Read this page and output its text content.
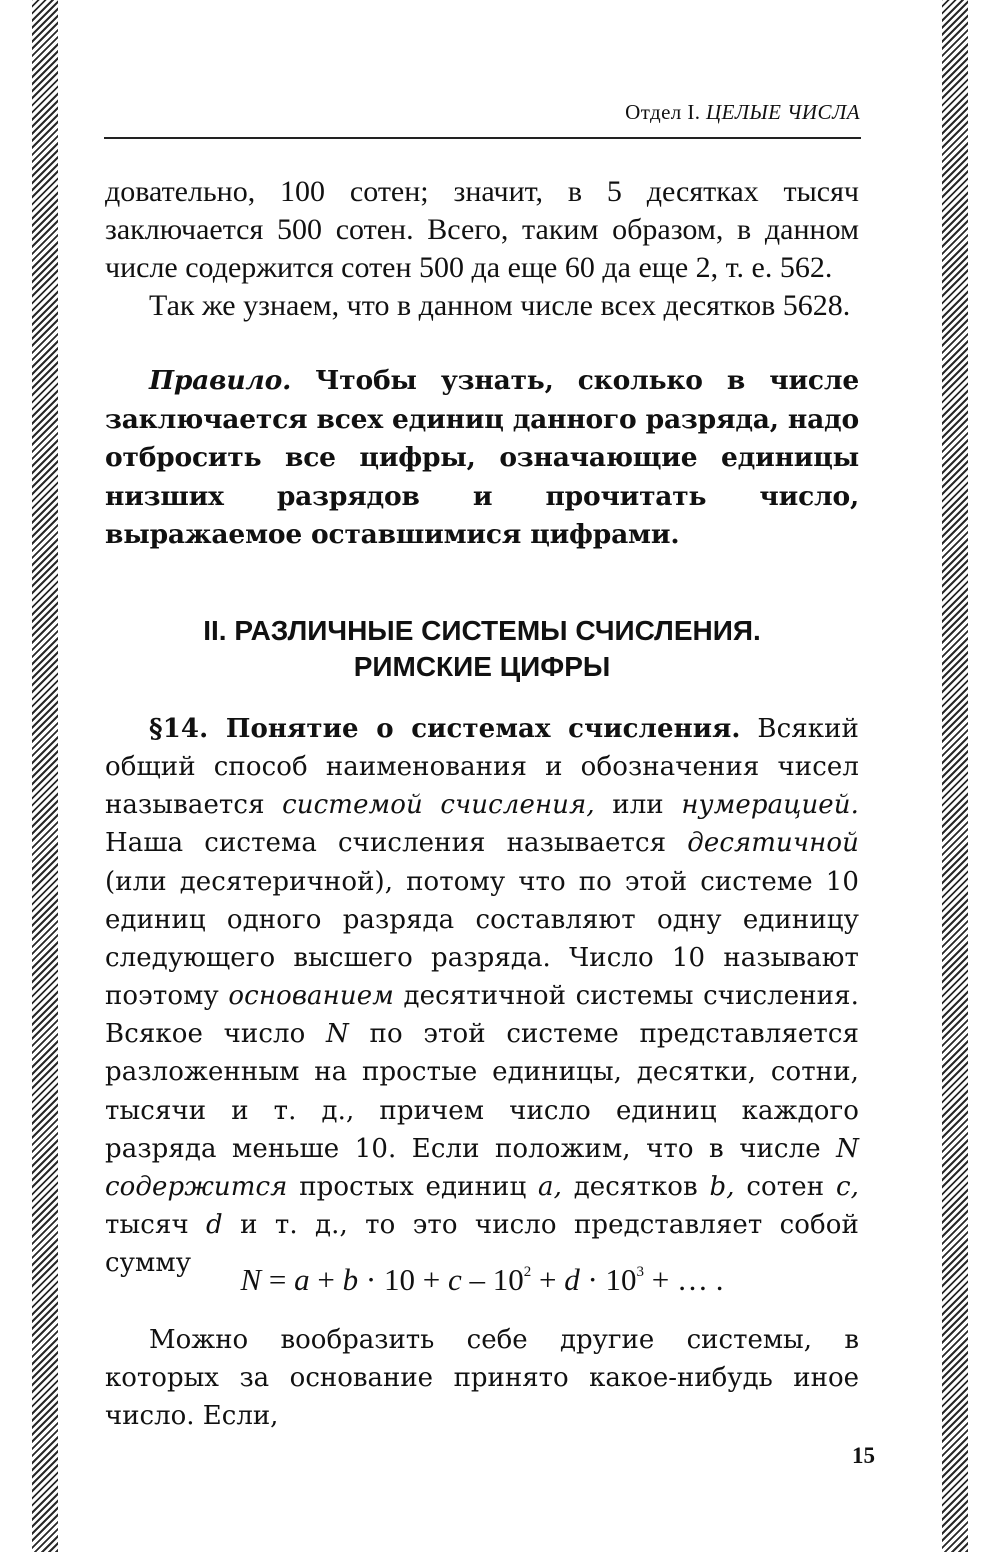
Отдел I. ЦЕЛЫЕ ЧИСЛА

довательно, 100 сотен; значит, в 5 десятках тысяч заключается 500 сотен. Всего, таким образом, в данном числе содержится сотен 500 да еще 60 да еще 2, т. е. 562.

Так же узнаем, что в данном числе всех десятков 5628.

Правило. Чтобы узнать, сколько в числе заключается всех единиц данного разряда, надо отбросить все цифры, означающие единицы низших разрядов и прочитать число, выражаемое оставшимися цифрами.

II. РАЗЛИЧНЫЕ СИСТЕМЫ СЧИСЛЕНИЯ.
РИМСКИЕ ЦИФРЫ

§14. Понятие о системах счисления. Всякий общий способ наименования и обозначения чисел называется системой счисления, или нумерацией. Наша система счисления называется десятичной (или десятеричной), потому что по этой системе 10 единиц одного разряда составляют одну единицу следующего высшего разряда. Число 10 называют поэтому основанием десятичной системы счисления. Всякое число N по этой системе представляется разложенным на простые единицы, десятки, сотни, тысячи и т. д., причем число единиц каждого разряда меньше 10. Если положим, что в числе N содержится простых единиц a, десятков b, сотен c, тысяч d и т. д., то это число представляет собой сумму	$N = a + b \cdot 10 + c - 10^2 + d \cdot 10^3$ + … .

Можно вообразить себе другие системы, в которых за основание принято какое-нибудь иное число. Если,

15
